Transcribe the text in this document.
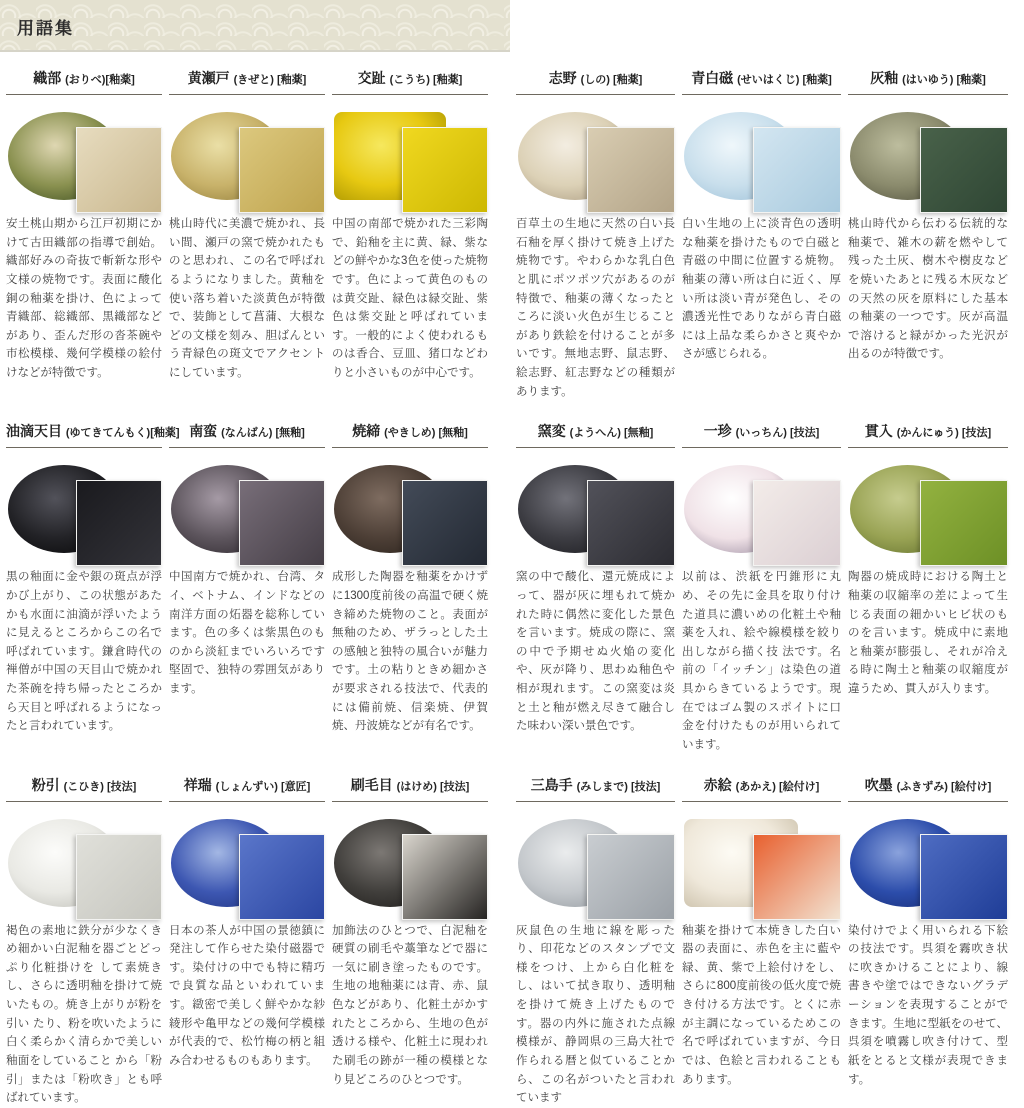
用語集
織部 (おりべ)[釉薬]

安土桃山期から江戸初期にかけて古田織部の指導で創始。織部好みの奇抜で斬新な形や文様の焼物です。表面に酸化銅の釉薬を掛け、色によって青織部、総織部、黒織部などがあり、歪んだ形の沓茶碗や市松模様、幾何学模様の絵付けなどが特徴です。

黄瀬戸 (きぜと) [釉薬]

桃山時代に美濃で焼かれ、長い間、瀬戸の窯で焼かれたものと思われ、この名で呼ばれるようになりました。黄釉を使い落ち着いた淡黄色が特徴で、装飾として菖蒲、大根などの文様を刻み、胆ばんという青緑色の斑文でアクセントにしています。

交趾 (こうち) [釉薬]

中国の南部で焼かれた三彩陶で、鉛釉を主に黄、緑、紫などの鮮やかな3色を使った焼物です。色によって黄色のものは黄交趾、緑色は緑交趾、紫色は紫交趾と呼ばれています。一般的によく使われるものは香合、豆皿、猪口などわりと小さいものが中心です。

志野 (しの) [釉薬]

百草土の生地に天然の白い長石釉を厚く掛けて焼き上げた焼物です。やわらかな乳白色と肌にポツポツ穴があるのが特徴で、釉薬の薄くなったところに淡い火色が生じることがあり鉄絵を付けることが多いです。無地志野、鼠志野、絵志野、紅志野などの種類があります。

青白磁 (せいはくじ) [釉薬]

白い生地の上に淡青色の透明な釉薬を掛けたもので白磁と青磁の中間に位置する焼物。釉薬の薄い所は白に近く、厚い所は淡い青が発色し、その濃透光性でありながら青白磁には上品な柔らかさと爽やかさが感じられる。

灰釉 (はいゆう) [釉薬]

桃山時代から伝わる伝統的な釉薬で、雑木の薪を燃やして残った土灰、樹木や樹皮などを焼いたあとに残る木灰などの天然の灰を原料にした基本の釉薬の一つです。灰が高温で溶けると緑がかった光沢が出るのが特徴です。

油滴天目 (ゆてきてんもく)[釉薬]

黒の釉面に金や銀の斑点が浮かび上がり、この状態があたかも水面に油滴が浮いたように見えるところからこの名で呼ばれています。鎌倉時代の禅僧が中国の天目山で焼かれた茶碗を持ち帰ったところから天目と呼ばれるようになったと言われています。

南蛮 (なんばん) [無釉]

中国南方で焼かれ、台湾、タイ、ベトナム、インドなどの南洋方面の炻器を総称しています。色の多くは紫黒色のものから淡紅までいろいろです堅固で、独特の雰囲気があります。

焼締 (やきしめ) [無釉]

成形した陶器を釉薬をかけずに1300度前後の高温で硬く焼き締めた焼物のこと。表面が無釉のため、ザラっとした土の感触と独特の風合いが魅力です。土の粘りときめ細かさが要求される技法で、代表的には備前焼、信楽焼、伊賀焼、丹波焼などが有名です。

窯変 (ようへん) [無釉]

窯の中で酸化、還元焼成によって、器が灰に埋もれて焼かれた時に偶然に変化した景色を言います。焼成の際に、窯の中で予期せぬ火焔の変化や、灰が降り、思わぬ釉色や相が現れます。この窯変は炎と土と釉が燃え尽きて融合した味わい深い景色です。

一珍 (いっちん) [技法]

以前は、渋紙を円錐形に丸め、その先に金具を取り付けた道具に濃いめの化粧土や釉薬を入れ、絵や線模様を絞り出しながら描く技 法です。名前の「イッチン」は染色の道具からきているようです。現在ではゴム製のスポイトに口金を付けたものが用いられています。

貫入 (かんにゅう) [技法]

陶器の焼成時における陶土と釉薬の収縮率の差によって生じる表面の細かいヒビ状のものを言います。焼成中に素地と釉薬が膨張し、それが冷える時に陶土と釉薬の収縮度が違うため、貫入が入ります。

粉引 (こひき) [技法]

褐色の素地に鉄分が少なくきめ細かい白泥釉を器ごとどっぷり化粧掛けを して素焼きし、さらに透明釉を掛けて焼いたもの。焼き上がりが粉を引い たり、粉を吹いたように白く柔らかく清らかで美しい釉面をしていること から「粉引」または「粉吹き」とも呼ばれています。

祥瑞 (しょんずい) [意匠]

日本の茶人が中国の景徳鎮に発注して作らせた染付磁器です。染付けの中でも特に精巧で良質な品といわれています。緻密で美しく鮮やかな紗綾形や亀甲などの幾何学模様が代表的で、松竹梅の柄と組み合わせるものもあります。

刷毛目 (はけめ) [技法]

加飾法のひとつで、白泥釉を硬質の刷毛や藁筆などで器に一気に刷き塗ったものです。生地の地釉薬には青、赤、鼠色などがあり、化粧土がかすれたところから、生地の色が透ける様や、化粧土に現われた刷毛の跡が一種の模様となり見どころのひとつです。

三島手 (みしまで) [技法]

灰鼠色の生地に線を彫ったり、印花などのスタンプで文様をつけ、上から白化粧をし、はいて拭き取り、透明釉を掛けて焼き上げたものです。器の内外に施された点線模様が、静岡県の三島大社で作られる暦と似ていることから、この名がついたと言われています

赤絵 (あかえ) [絵付け]

釉薬を掛けて本焼きした白い器の表面に、赤色を主に藍や緑、黄、紫で上絵付けをし、さらに800度前後の低火度で焼き付ける方法です。とくに赤が主調になっているためこの名で呼ばれていますが、今日では、色絵と言われることもあります。

吹墨 (ふきずみ) [絵付け]

染付けでよく用いられる下絵の技法です。呉須を霧吹き状に吹きかけることにより、線書きや塗ではできないグラデーションを表現することができます。生地に型紙をのせて、呉須を噴霧し吹き付けて、型紙をとると文様が表現できます。
